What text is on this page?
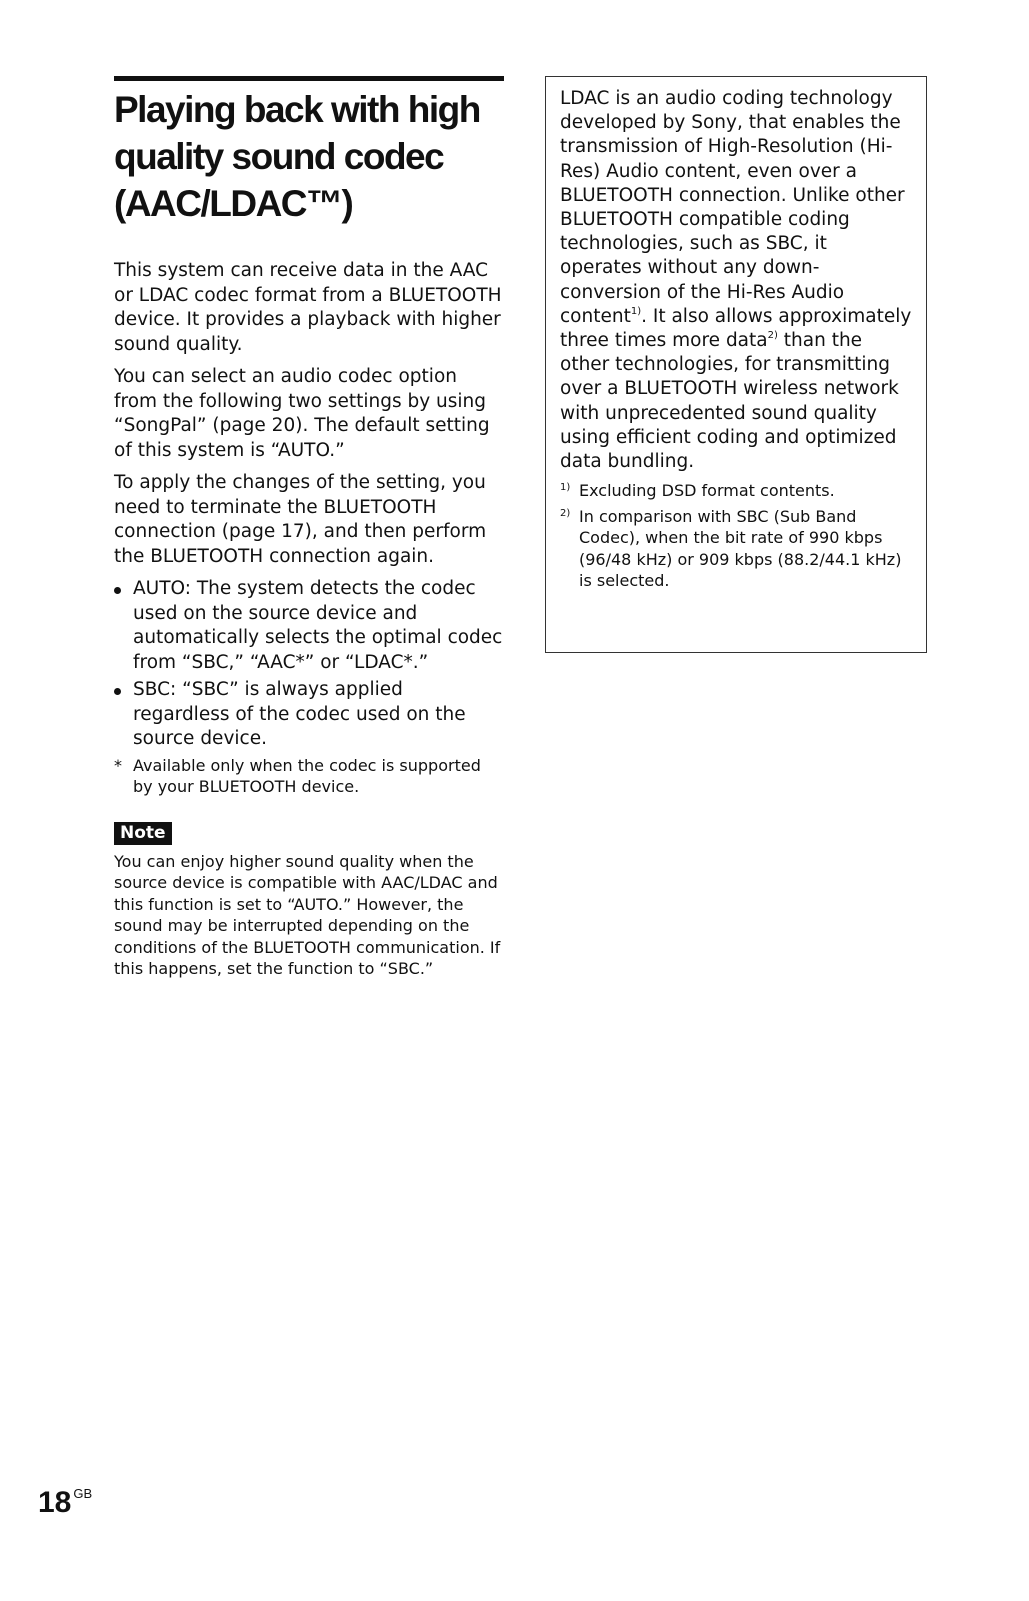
Playing back with high quality sound codec (AAC/LDAC™)

This system can receive data in the AAC or LDAC codec format from a BLUETOOTH device. It provides a playback with higher sound quality.

You can select an audio codec option from the following two settings by using “SongPal” (page 20). The default setting of this system is “AUTO.”

To apply the changes of the setting, you need to terminate the BLUETOOTH connection (page 17), and then perform the BLUETOOTH connection again.

AUTO: The system detects the codec used on the source device and automatically selects the optimal codec from “SBC,” “AAC*” or “LDAC*.”
SBC: “SBC” is always applied regardless of the codec used on the source device.
* Available only when the codec is supported by your BLUETOOTH device.
Note
You can enjoy higher sound quality when the source device is compatible with AAC/LDAC and this function is set to “AUTO.” However, the sound may be interrupted depending on the conditions of the BLUETOOTH communication. If this happens, set the function to “SBC.”

LDAC is an audio coding technology developed by Sony, that enables the transmission of High-Resolution (Hi-Res) Audio content, even over a BLUETOOTH connection. Unlike other BLUETOOTH compatible coding technologies, such as SBC, it operates without any down-conversion of the Hi-Res Audio content$^{1)}$. It also allows approximately three times more data$^{2)}$ than the other technologies, for transmitting over a BLUETOOTH wireless network with unprecedented sound quality using efficient coding and optimized data bundling.

1) Excluding DSD format contents.
2) In comparison with SBC (Sub Band Codec), when the bit rate of 990 kbps (96/48 kHz) or 909 kbps (88.2/44.1 kHz) is selected.
18 $^{GB}$
